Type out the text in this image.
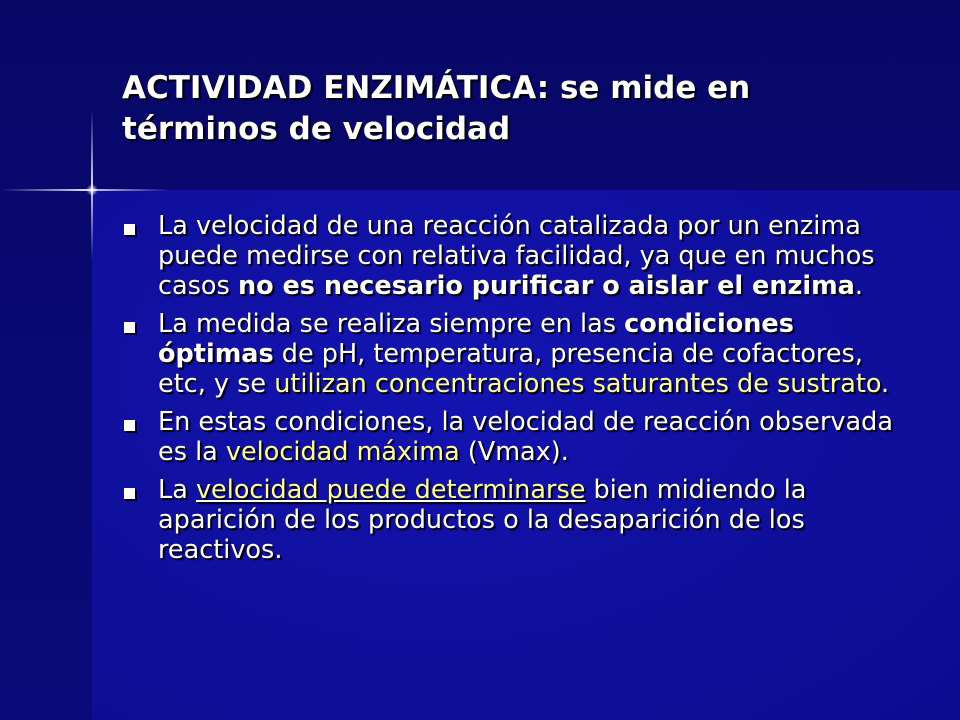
ACTIVIDAD ENZIMÁTICA: se mide en
términos de velocidad
La velocidad de una reacción catalizada por un enzima puede medirse con relativa facilidad, ya que en muchos casos no es necesario purificar o aislar el enzima.
La medida se realiza siempre en las condiciones óptimas de pH, temperatura, presencia de cofactores, etc, y se utilizan concentraciones saturantes de sustrato.
En estas condiciones, la velocidad de reacción observada es la velocidad máxima (Vmax).
La velocidad puede determinarse bien midiendo la aparición de los productos o la desaparición de los reactivos.
